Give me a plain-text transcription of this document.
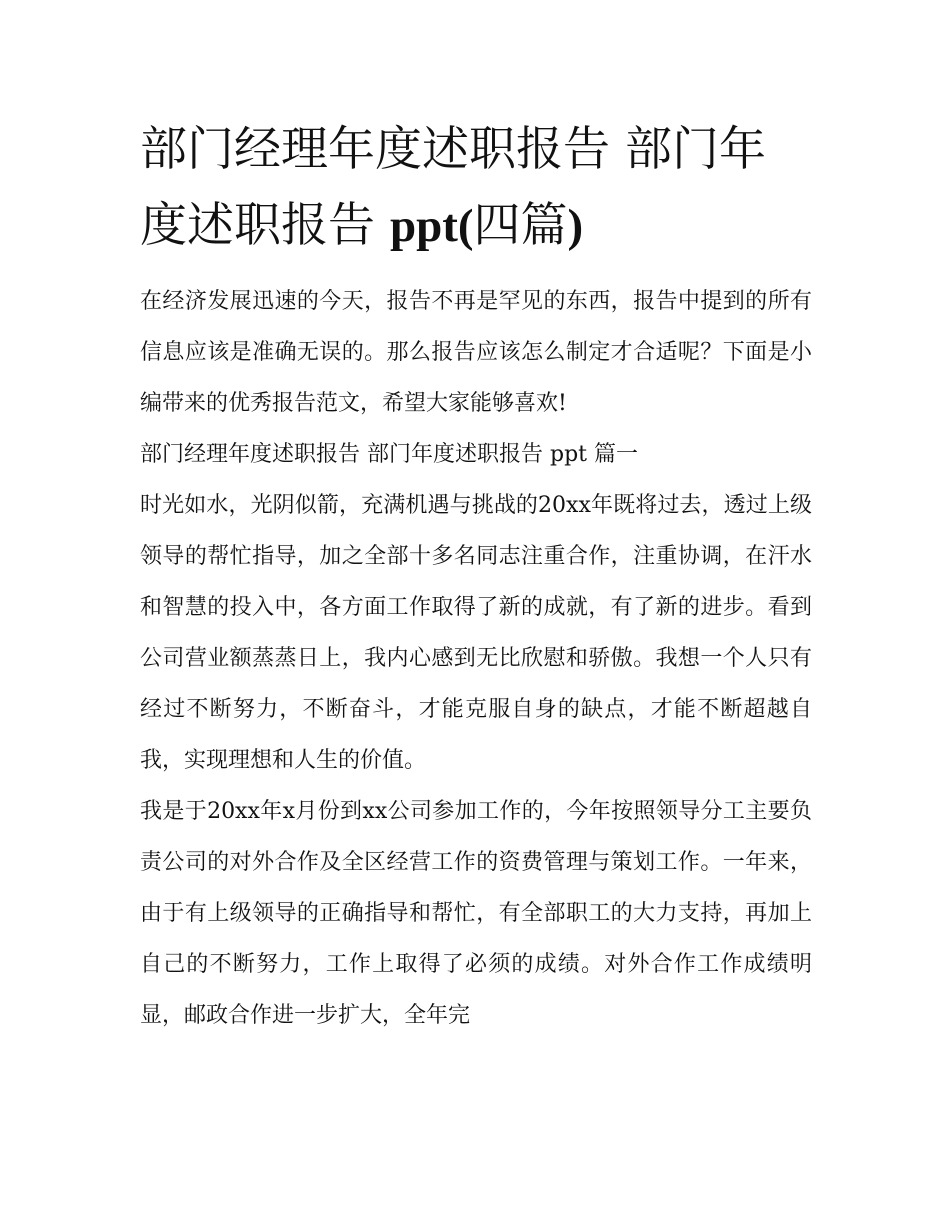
部门经理年度述职报告 部门年度述职报告 ppt(四篇)

在经济发展迅速的今天，报告不再是罕见的东西，报告中提到的所有信息应该是准确无误的。那么报告应该怎么制定才合适呢？下面是小编带来的优秀报告范文，希望大家能够喜欢!

部门经理年度述职报告 部门年度述职报告 ppt 篇一

时光如水，光阴似箭，充满机遇与挑战的20xx年既将过去，透过上级领导的帮忙指导，加之全部十多名同志注重合作，注重协调，在汗水和智慧的投入中，各方面工作取得了新的成就，有了新的进步。看到公司营业额蒸蒸日上，我内心感到无比欣慰和骄傲。我想一个人只有经过不断努力，不断奋斗，才能克服自身的缺点，才能不断超越自我，实现理想和人生的价值。

我是于20xx年x月份到xx公司参加工作的，今年按照领导分工主要负责公司的对外合作及全区经营工作的资费管理与策划工作。一年来，由于有上级领导的正确指导和帮忙，有全部职工的大力支持，再加上自己的不断努力，工作上取得了必须的成绩。对外合作工作成绩明显，邮政合作进一步扩大，全年完
